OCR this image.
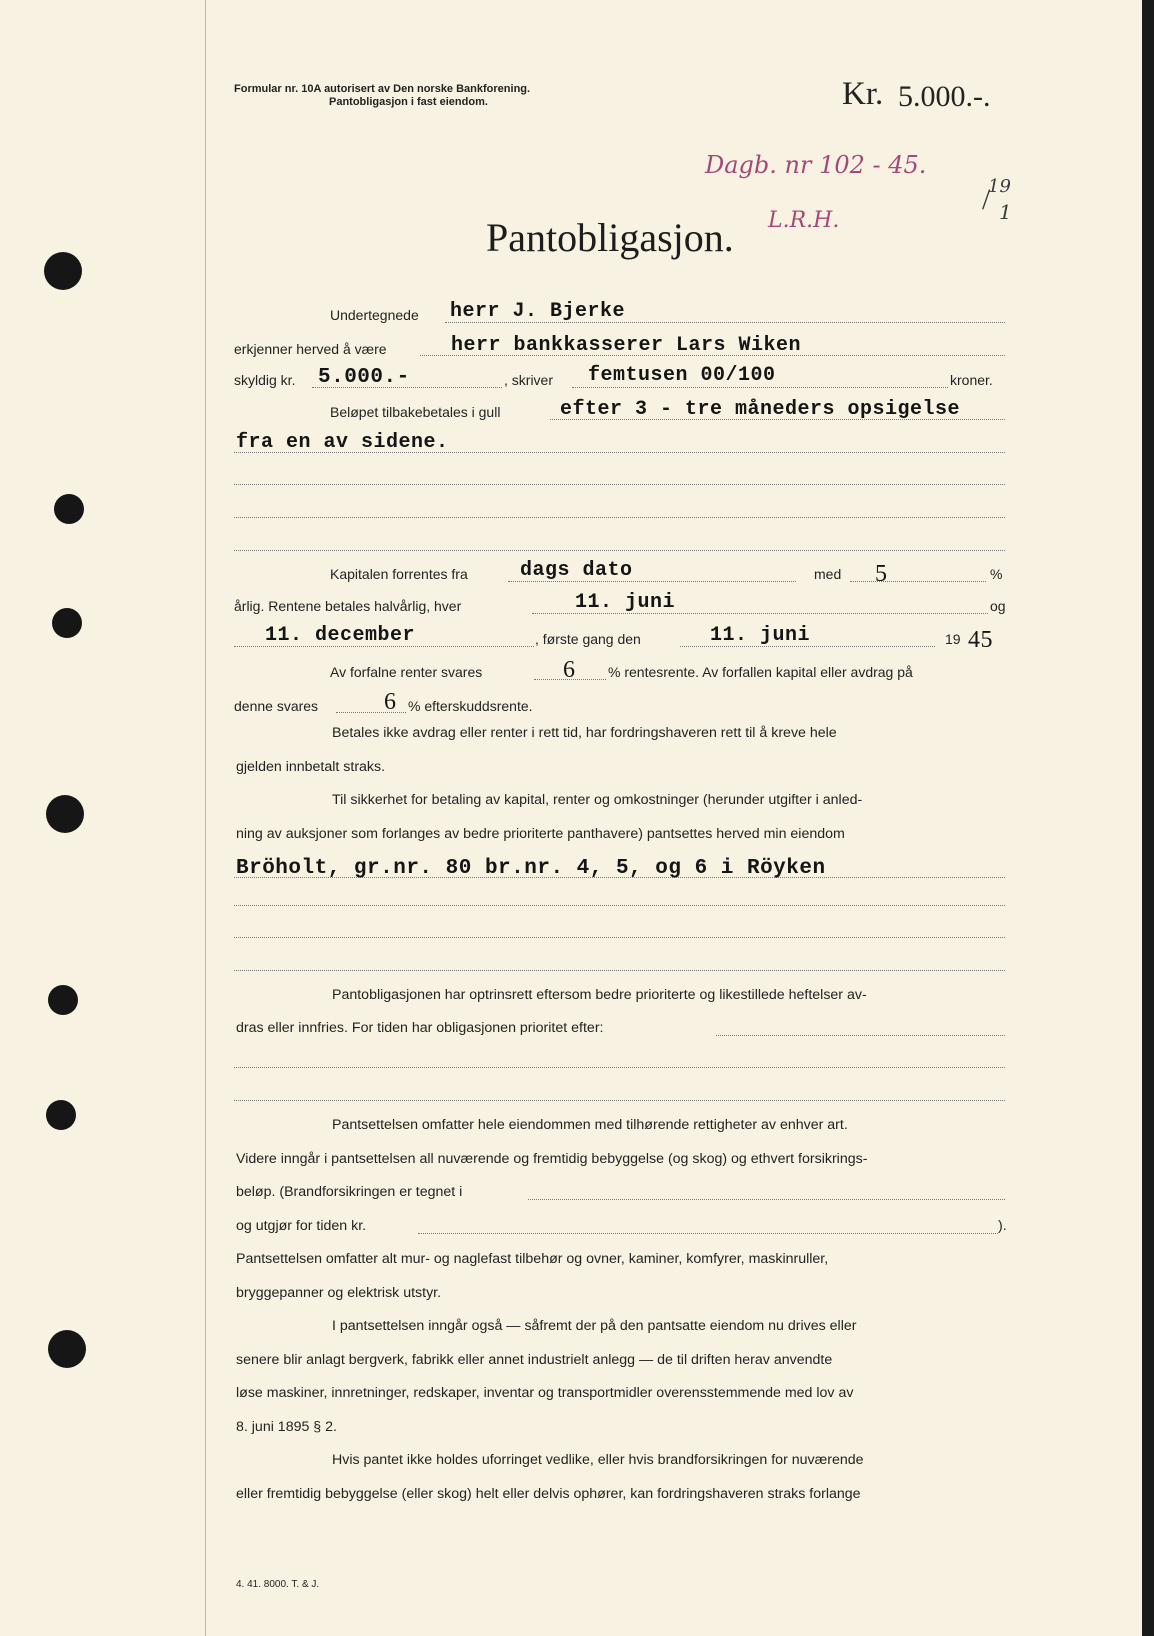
Formular nr. 10A autorisert av Den norske Bankforening.
Pantobligasjon i fast eiendom.	Kr. 5.000.-.
Dagb. nr 102 - 45.
19
/ 1
Pantobligasjon. L.R.H.
Undertegnede herr J. Bjerke
erkjenner herved å være	herr bankkasserer Lars Wiken
skyldig kr. 5.000.-	, skriver femtusen 00/100	kroner.
Beløpet tilbakebetales i gull	efter 3 - tre måneders opsigelse
fra en av sidene.
Kapitalen forrentes fra	dags dato	med 5	%
årlig. Rentene betales halvårlig, hver	11. juni	og
11. december	, første gang den	11. juni	19 45
Av forfalne renter svares	6 % rentesrente. Av forfallen kapital eller avdrag på
denne svares	6 % efterskuddsrente.

Betales ikke avdrag eller renter i rett tid, har fordringshaveren rett til å kreve hele

gjelden innbetalt straks.

Til sikkerhet for betaling av kapital, renter og omkostninger (herunder utgifter i anled-

ning av auksjoner som forlanges av bedre prioriterte panthavere) pantsettes herved min eiendom

Bröholt, gr.nr. 80 br.nr. 4, 5, og 6 i Röyken

Pantobligasjonen har optrinsrett eftersom bedre prioriterte og likestillede heftelser av-

dras eller innfries. For tiden har obligasjonen prioritet efter:

Pantsettelsen omfatter hele eiendommen med tilhørende rettigheter av enhver art.

Videre inngår i pantsettelsen all nuværende og fremtidig bebyggelse (og skog) og ethvert forsikrings-

beløp. (Brandforsikringen er tegnet i
og utgjør for tiden kr.	).

Pantsettelsen omfatter alt mur- og naglefast tilbehør og ovner, kaminer, komfyrer, maskinruller,

bryggepanner og elektrisk utstyr.

I pantsettelsen inngår også — såfremt der på den pantsatte eiendom nu drives eller

senere blir anlagt bergverk, fabrikk eller annet industrielt anlegg — de til driften herav anvendte

løse maskiner, innretninger, redskaper, inventar og transportmidler overensstemmende med lov av

8. juni 1895 § 2.

Hvis pantet ikke holdes uforringet vedlike, eller hvis brandforsikringen for nuværende

eller fremtidig bebyggelse (eller skog) helt eller delvis ophører, kan fordringshaveren straks forlange

4. 41. 8000. T. & J.
